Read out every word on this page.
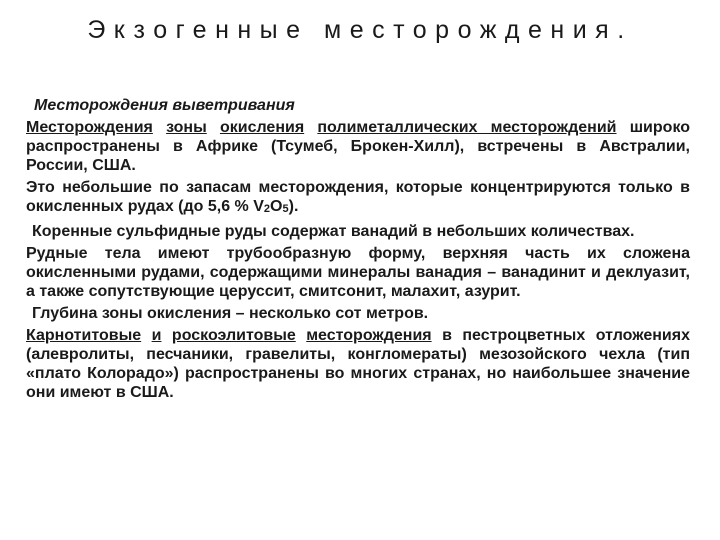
Экзогенные месторождения.

Месторождения выветривания

Месторождения зоны окисления полиметаллических месторождений широко распространены в Африке (Тсумеб, Брокен-Хилл), встречены в Австралии, России, США.

Это небольшие по запасам месторождения, которые концентрируются только в окисленных рудах (до 5,6 % V2O5).

Коренные сульфидные руды содержат ванадий в небольших количествах.

Рудные тела имеют трубообразную форму, верхняя часть их сложена окисленными рудами, содержащими минералы ванадия – ванадинит и деклуазит, а также сопутствующие церуссит, смитсонит, малахит, азурит.

Глубина зоны окисления – несколько сот метров.

Карнотитовые и роскоэлитовые месторождения в пестроцветных отложениях (алевролиты, песчаники, гравелиты, конгломераты) мезозойского чехла (тип «плато Колорадо») распространены во многих странах, но наибольшее значение они имеют в США.
